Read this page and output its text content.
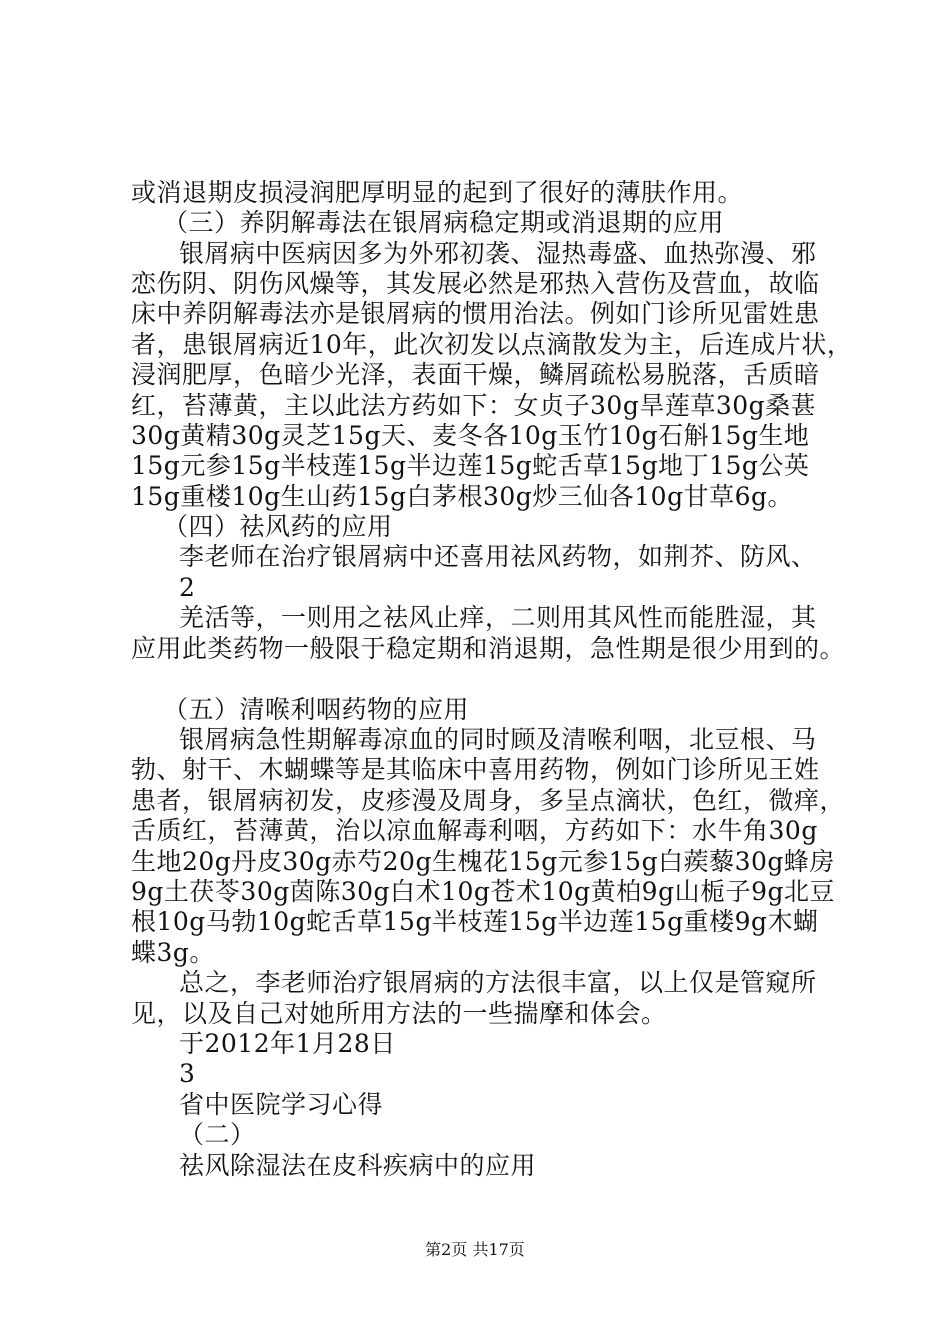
或消退期皮损浸润肥厚明显的起到了很好的薄肤作用。
（三）养阴解毒法在银屑病稳定期或消退期的应用
银屑病中医病因多为外邪初袭、湿热毒盛、血热弥漫、邪
恋伤阴、阴伤风燥等，其发展必然是邪热入营伤及营血，故临
床中养阴解毒法亦是银屑病的惯用治法。例如门诊所见雷姓患
者，患银屑病近10年，此次初发以点滴散发为主，后连成片状，
浸润肥厚，色暗少光泽，表面干燥，鳞屑疏松易脱落，舌质暗
红，苔薄黄，主以此法方药如下：女贞子30g旱莲草30g桑葚
30g黄精30g灵芝15g天、麦冬各10g玉竹10g石斛15g生地
15g元参15g半枝莲15g半边莲15g蛇舌草15g地丁15g公英
15g重楼10g生山药15g白茅根30g炒三仙各10g甘草6g。
（四）祛风药的应用
李老师在治疗银屑病中还喜用祛风药物，如荆芥、防风、
2
羌活等，一则用之祛风止痒，二则用其风性而能胜湿，其
应用此类药物一般限于稳定期和消退期，急性期是很少用到的。
（五）清喉利咽药物的应用
银屑病急性期解毒凉血的同时顾及清喉利咽，北豆根、马
勃、射干、木蝴蝶等是其临床中喜用药物，例如门诊所见王姓
患者，银屑病初发，皮疹漫及周身，多呈点滴状，色红，微痒，
舌质红，苔薄黄，治以凉血解毒利咽，方药如下：水牛角30g
生地20g丹皮30g赤芍20g生槐花15g元参15g白蒺藜30g蜂房
9g土茯苓30g茵陈30g白术10g苍术10g黄柏9g山栀子9g北豆
根10g马勃10g蛇舌草15g半枝莲15g半边莲15g重楼9g木蝴
蝶3g。
总之，李老师治疗银屑病的方法很丰富，以上仅是管窥所
见，以及自己对她所用方法的一些揣摩和体会。
于2012年1月28日
3
省中医院学习心得
（二）
祛风除湿法在皮科疾病中的应用
第2页 共17页
